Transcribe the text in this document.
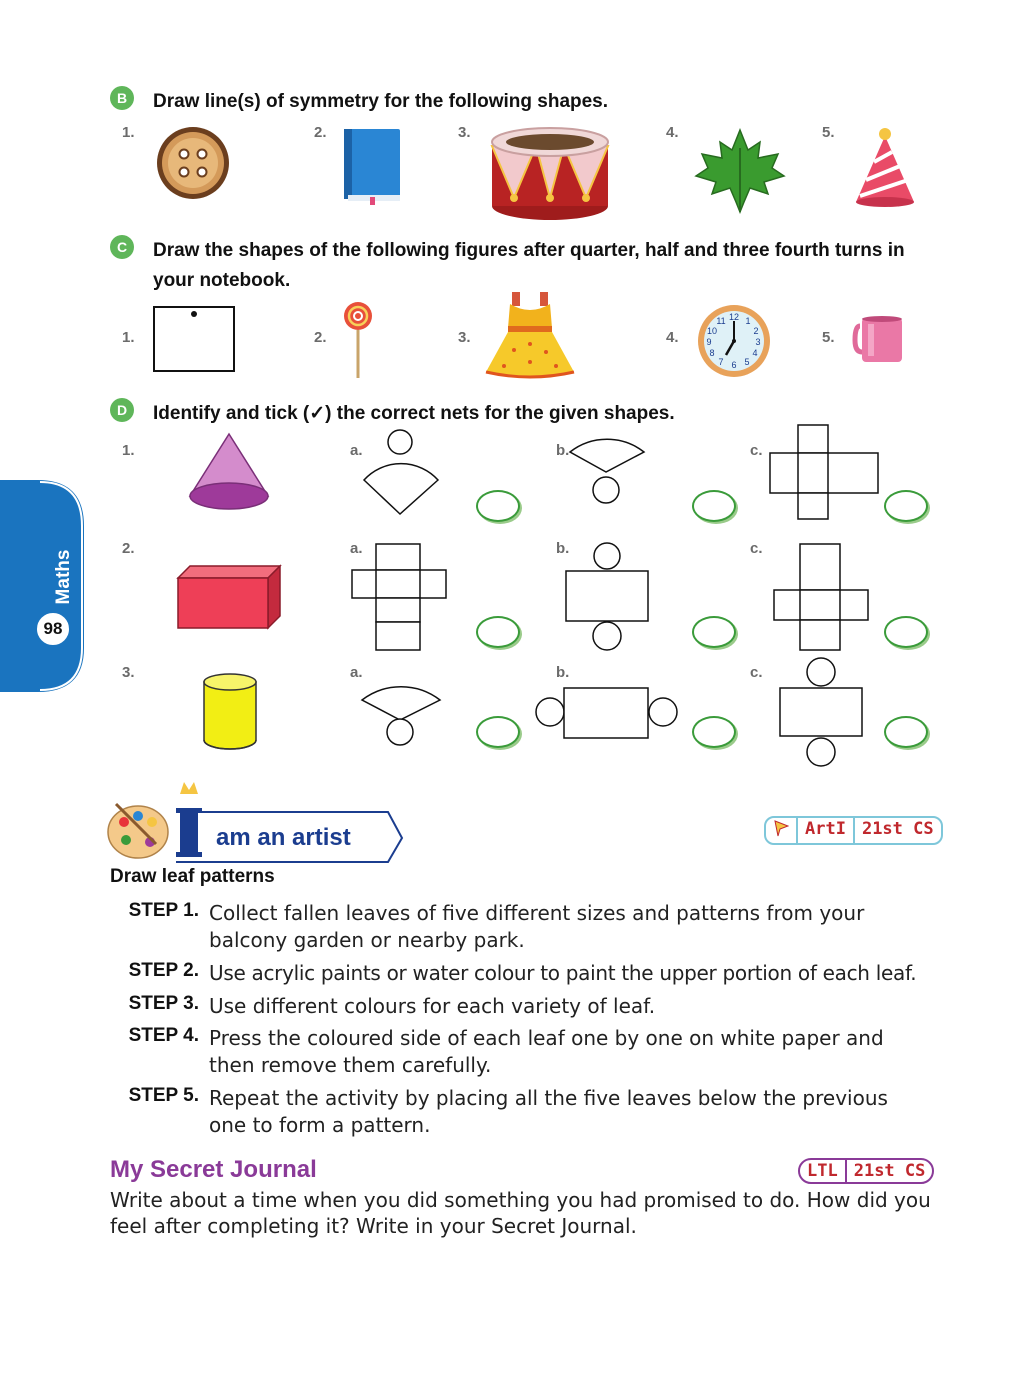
B	Draw line(s) of symmetry for the following shapes.
1.	2.	3.	4.	5.
C	Draw the shapes of the following figures after quarter, half and three fourth turns in your notebook.
1.	2.	3.	4.	5.
12 1
2
3
4
5
6
7
8
9
10
11
D	Identify and tick (✓) the correct nets for the given shapes.
1.	a.	b.	c.
2.	a.	b.	c.
3.	a.	b.	c.
Maths
98
am an artist	ArtI 21st CS
Draw leaf patterns
STEP 1. Collect fallen leaves of five different sizes and patterns from your balcony garden or nearby park.
STEP 2. Use acrylic paints or water colour to paint the upper portion of each leaf.
STEP 3. Use different colours for each variety of leaf.
STEP 4. Press the coloured side of each leaf one by one on white paper and then remove them carefully.
STEP 5. Repeat the activity by placing all the five leaves below the previous one to form a pattern.
My Secret Journal	LTL 21st CS
Write about a time when you did something you had promised to do. How did you feel after completing it? Write in your Secret Journal.
